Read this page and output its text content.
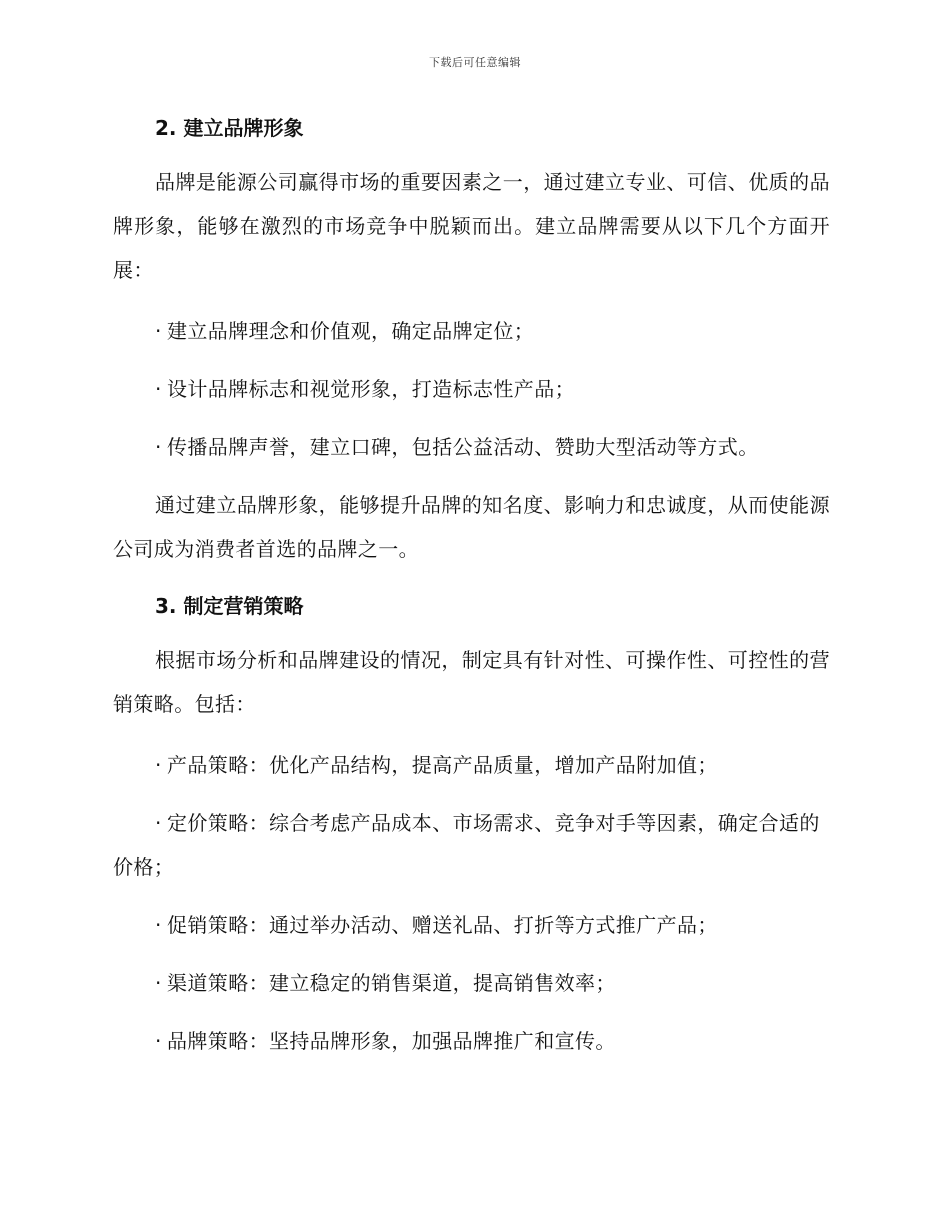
下载后可任意编辑
2. 建立品牌形象

品牌是能源公司赢得市场的重要因素之一，通过建立专业、可信、优质的品牌形象，能够在激烈的市场竞争中脱颖而出。建立品牌需要从以下几个方面开展：

· 建立品牌理念和价值观，确定品牌定位；

· 设计品牌标志和视觉形象，打造标志性产品；

· 传播品牌声誉，建立口碑，包括公益活动、赞助大型活动等方式。

通过建立品牌形象，能够提升品牌的知名度、影响力和忠诚度，从而使能源公司成为消费者首选的品牌之一。

3. 制定营销策略

根据市场分析和品牌建设的情况，制定具有针对性、可操作性、可控性的营销策略。包括：

· 产品策略：优化产品结构，提高产品质量，增加产品附加值；

· 定价策略：综合考虑产品成本、市场需求、竞争对手等因素，确定合适的价格；

· 促销策略：通过举办活动、赠送礼品、打折等方式推广产品；

· 渠道策略：建立稳定的销售渠道，提高销售效率；

· 品牌策略：坚持品牌形象，加强品牌推广和宣传。
